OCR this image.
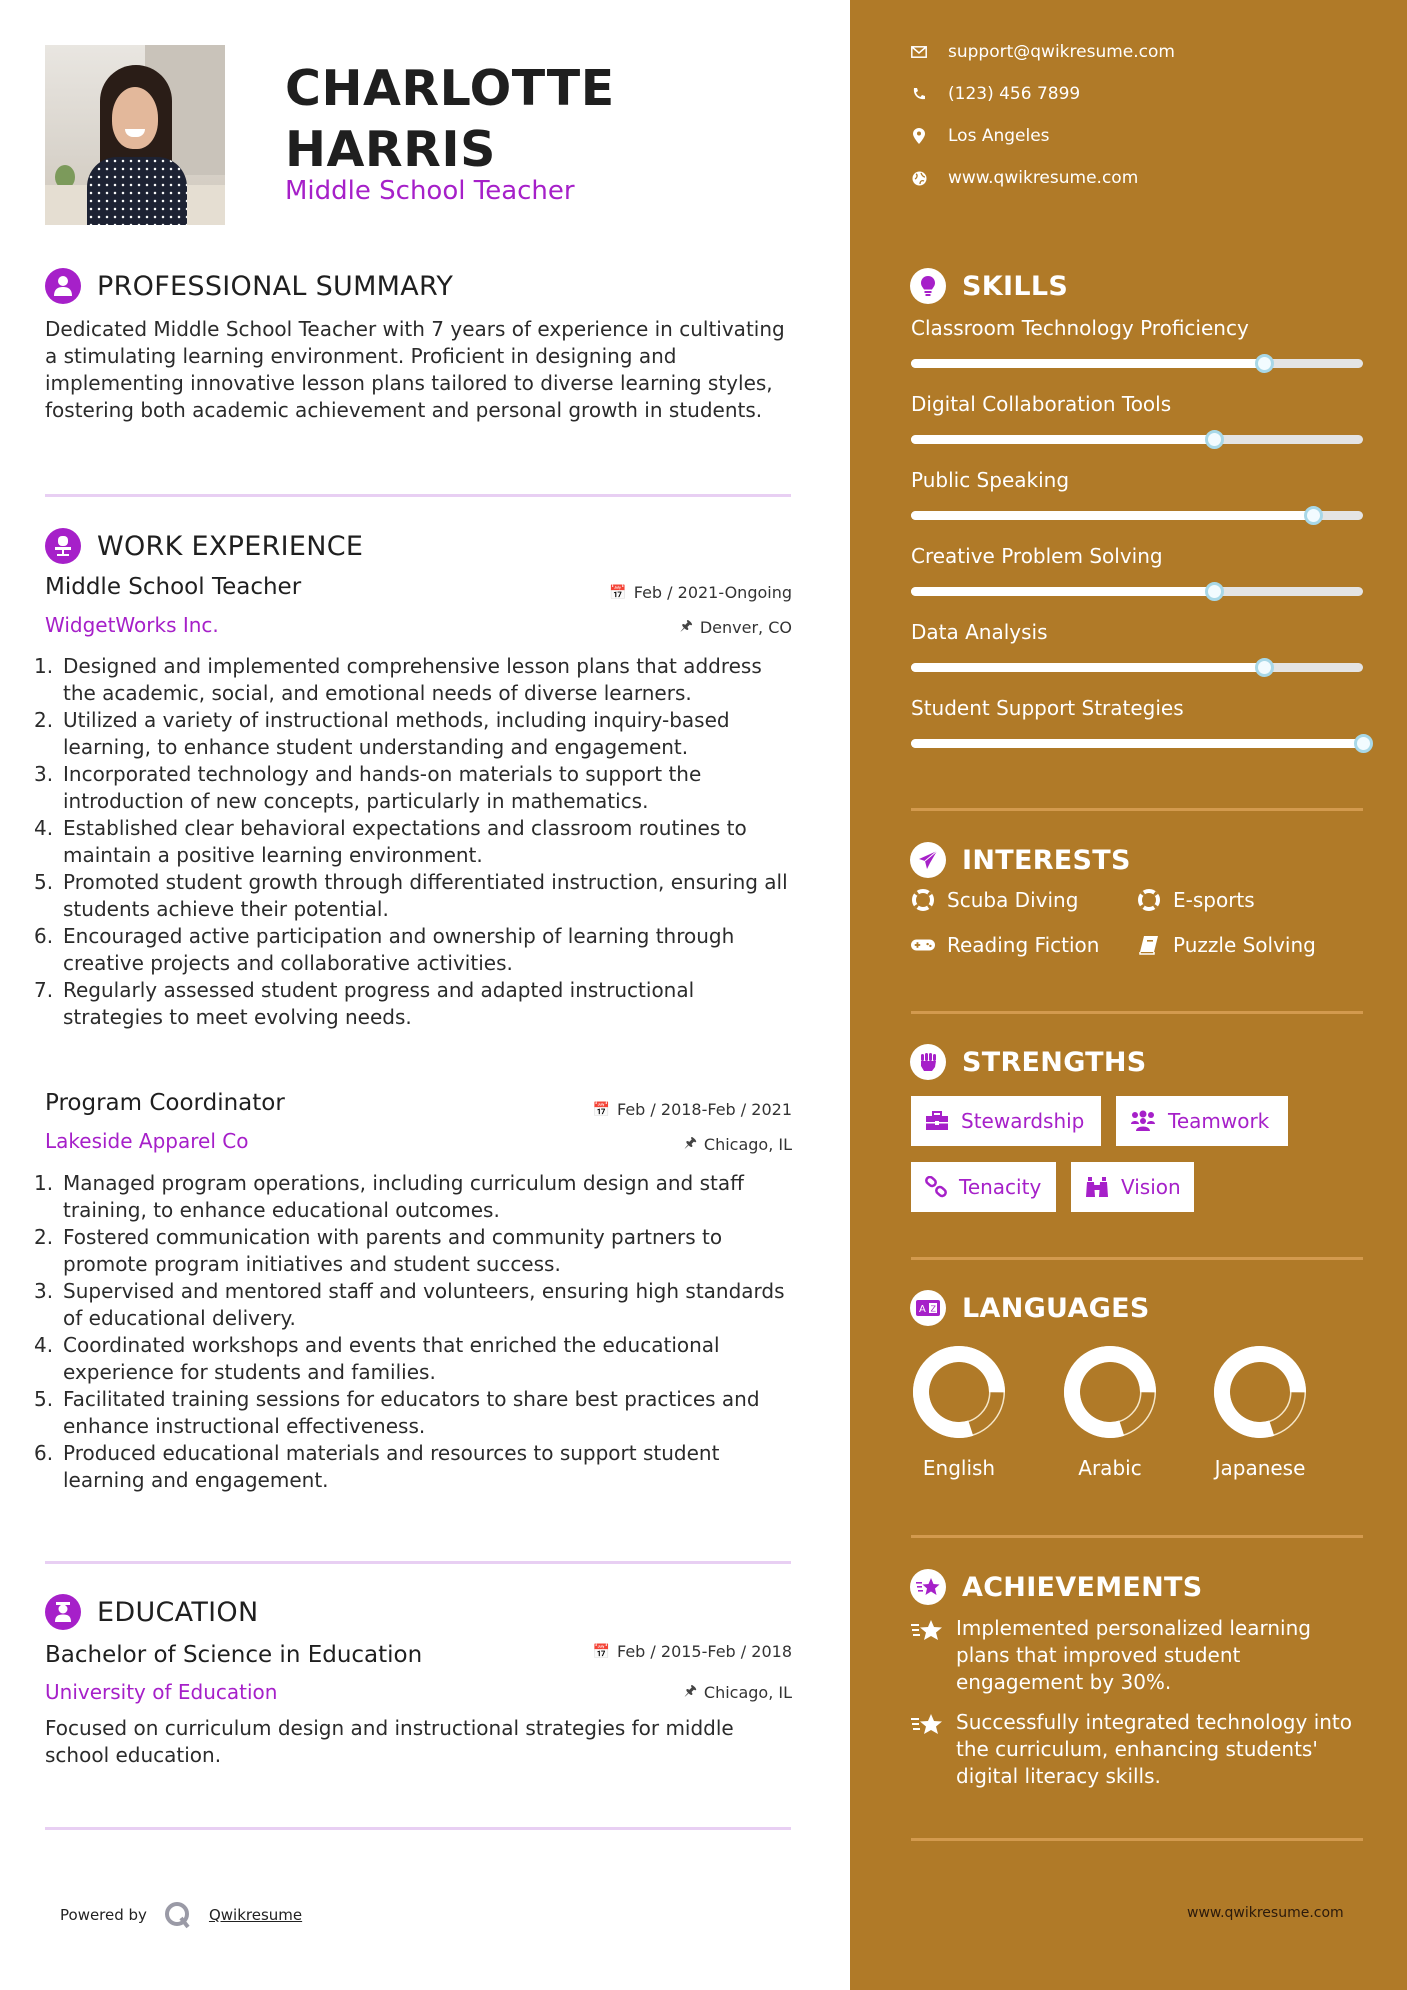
CHARLOTTE
HARRIS
Middle School Teacher
PROFESSIONAL SUMMARY
Dedicated Middle School Teacher with 7 years of experience in cultivating a stimulating learning environment. Proficient in designing and implementing innovative lesson plans tailored to diverse learning styles, fostering both academic achievement and personal growth in students.
WORK EXPERIENCE
Middle School Teacher	📅 Feb / 2021-Ongoing
WidgetWorks Inc.	🖈 Denver, CO
1. Designed and implemented comprehensive lesson plans that address the academic, social, and emotional needs of diverse learners.
2. Utilized a variety of instructional methods, including inquiry-based learning, to enhance student understanding and engagement.
3. Incorporated technology and hands-on materials to support the introduction of new concepts, particularly in mathematics.
4. Established clear behavioral expectations and classroom routines to maintain a positive learning environment.
5. Promoted student growth through differentiated instruction, ensuring all students achieve their potential.
6. Encouraged active participation and ownership of learning through creative projects and collaborative activities.
7. Regularly assessed student progress and adapted instructional strategies to meet evolving needs.
Program Coordinator	📅 Feb / 2018-Feb / 2021
Lakeside Apparel Co	🖈 Chicago, IL
1. Managed program operations, including curriculum design and staff training, to enhance educational outcomes.
2. Fostered communication with parents and community partners to promote program initiatives and student success.
3. Supervised and mentored staff and volunteers, ensuring high standards of educational delivery.
4. Coordinated workshops and events that enriched the educational experience for students and families.
5. Facilitated training sessions for educators to share best practices and enhance instructional effectiveness.
6. Produced educational materials and resources to support student learning and engagement.
EDUCATION
Bachelor of Science in Education	📅 Feb / 2015-Feb / 2018
University of Education	🖈 Chicago, IL
Focused on curriculum design and instructional strategies for middle school education.
Powered by	Qwikresume
support@qwikresume.com
(123) 456 7899
Los Angeles
www.qwikresume.com
SKILLS
INTERESTS
Scuba Diving	E-sports
Reading Fiction	Puzzle Solving
STRENGTHS
Stewardship	Teamwork
Tenacity	Vision
A Z LANGUAGES
ACHIEVEMENTS
Implemented personalized learning plans that improved student engagement by 30%.
Successfully integrated technology into the curriculum, enhancing students' digital literacy skills.
www.qwikresume.com
Classroom Technology Proficiency
Digital Collaboration Tools
Public Speaking
Creative Problem Solving
Data Analysis
Student Support Strategies
English	Arabic	Japanese
